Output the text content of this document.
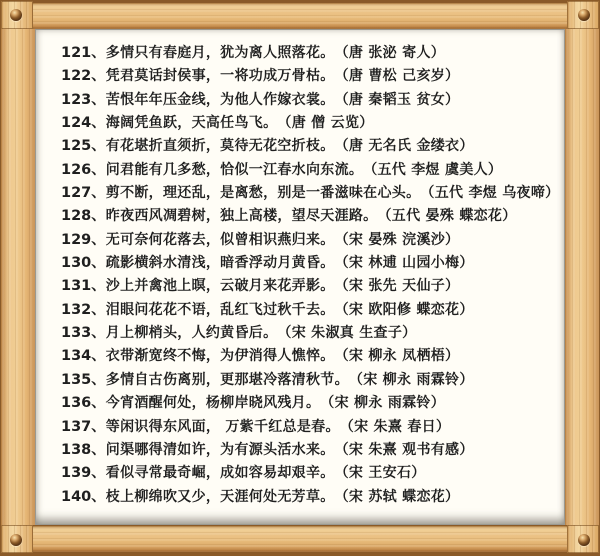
121、多情只有春庭月，犹为离人照落花。 （唐 张泌 寄人）
122、凭君莫话封侯事，一将功成万骨枯。 （唐 曹松 己亥岁）
123、苦恨年年压金线，为他人作嫁衣裳。 （唐 秦韬玉 贫女）
124、海阔凭鱼跃，天高任鸟飞。 （唐 僧 云览）
125、有花堪折直须折，莫待无花空折枝。 （唐 无名氏 金缕衣）
126、问君能有几多愁，恰似一江春水向东流。 （五代 李煜 虞美人）
127、剪不断，理还乱，是离愁，别是一番滋味在心头。 （五代 李煜 乌夜啼）
128、昨夜西风凋碧树，独上高楼，望尽天涯路。 （五代 晏殊 蝶恋花）
129、无可奈何花落去，似曾相识燕归来。 （宋 晏殊 浣溪沙）
130、疏影横斜水清浅，暗香浮动月黄昏。 （宋 林逋 山园小梅）
131、沙上并禽池上暝，云破月来花弄影。 （宋 张先 天仙子）
132、泪眼问花花不语，乱红飞过秋千去。 （宋 欧阳修 蝶恋花）
133、月上柳梢头，人约黄昏后。 （宋 朱淑真 生查子）
134、衣带渐宽终不悔，为伊消得人憔悴。 （宋 柳永 凤栖梧）
135、多情自古伤离别，更那堪冷落清秋节。 （宋 柳永 雨霖铃）
136、今宵酒醒何处，杨柳岸晓风残月。 （宋 柳永 雨霖铃）
137、等闲识得东风面， 万紫千红总是春。 （宋 朱熹 春日）
138、问渠哪得清如许，为有源头活水来。 （宋 朱熹 观书有感）
139、看似寻常最奇崛，成如容易却艰辛。 （宋 王安石）
140、枝上柳绵吹又少，天涯何处无芳草。 （宋 苏轼 蝶恋花）
